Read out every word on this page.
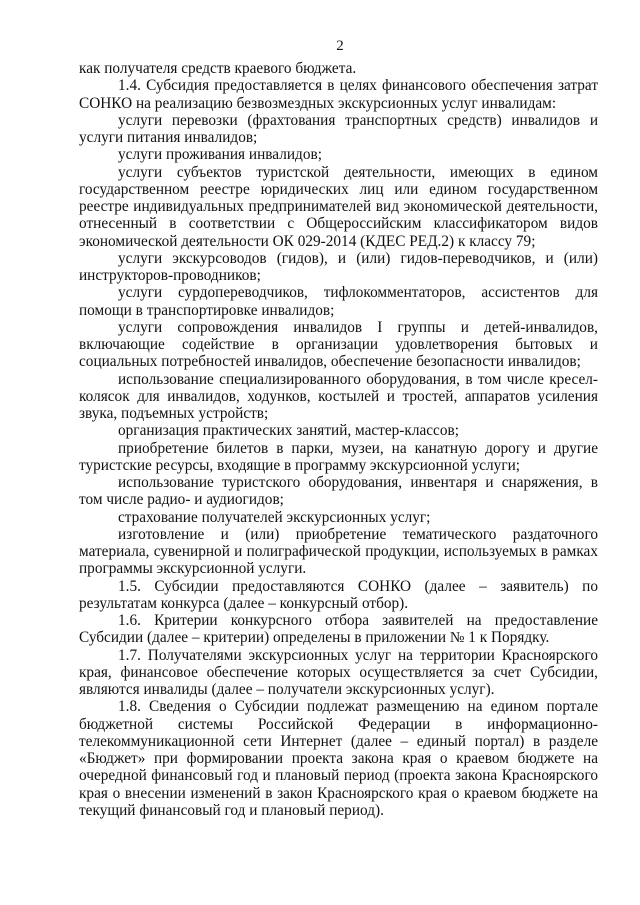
2

как получателя средств краевого бюджета.

1.4. Субсидия предоставляется в целях финансового обеспечения затрат СОНКО на реализацию безвозмездных экскурсионных услуг инвалидам:

услуги перевозки (фрахтования транспортных средств) инвалидов и услуги питания инвалидов;

услуги проживания инвалидов;

услуги субъектов туристской деятельности, имеющих в едином государственном реестре юридических лиц или едином государственном реестре индивидуальных предпринимателей вид экономической деятельности, отнесенный в соответствии с Общероссийским классификатором видов экономической деятельности ОК 029-2014 (КДЕС РЕД.2) к классу 79;

услуги экскурсоводов (гидов), и (или) гидов-переводчиков, и (или) инструкторов-проводников;

услуги сурдопереводчиков, тифлокомментаторов, ассистентов для помощи в транспортировке инвалидов;

услуги сопровождения инвалидов I группы и детей-инвалидов, включающие содействие в организации удовлетворения бытовых и социальных потребностей инвалидов, обеспечение безопасности инвалидов;

использование специализированного оборудования, в том числе кресел-колясок для инвалидов, ходунков, костылей и тростей, аппаратов усиления звука, подъемных устройств;

организация практических занятий, мастер-классов;

приобретение билетов в парки, музеи, на канатную дорогу и другие туристские ресурсы, входящие в программу экскурсионной услуги;

использование туристского оборудования, инвентаря и снаряжения, в том числе радио- и аудиогидов;

страхование получателей экскурсионных услуг;

изготовление и (или) приобретение тематического раздаточного материала, сувенирной и полиграфической продукции, используемых в рамках программы экскурсионной услуги.

1.5. Субсидии предоставляются СОНКО (далее – заявитель) по результатам конкурса (далее – конкурсный отбор).

1.6. Критерии конкурсного отбора заявителей на предоставление Субсидии (далее – критерии) определены в приложении № 1 к Порядку.

1.7. Получателями экскурсионных услуг на территории Красноярского края, финансовое обеспечение которых осуществляется за счет Субсидии, являются инвалиды (далее – получатели экскурсионных услуг).

1.8. Сведения о Субсидии подлежат размещению на едином портале бюджетной системы Российской Федерации в информационно-телекоммуникационной сети Интернет (далее – единый портал) в разделе «Бюджет» при формировании проекта закона края о краевом бюджете на очередной финансовый год и плановый период (проекта закона Красноярского края о внесении изменений в закон Красноярского края о краевом бюджете на текущий финансовый год и плановый период).
